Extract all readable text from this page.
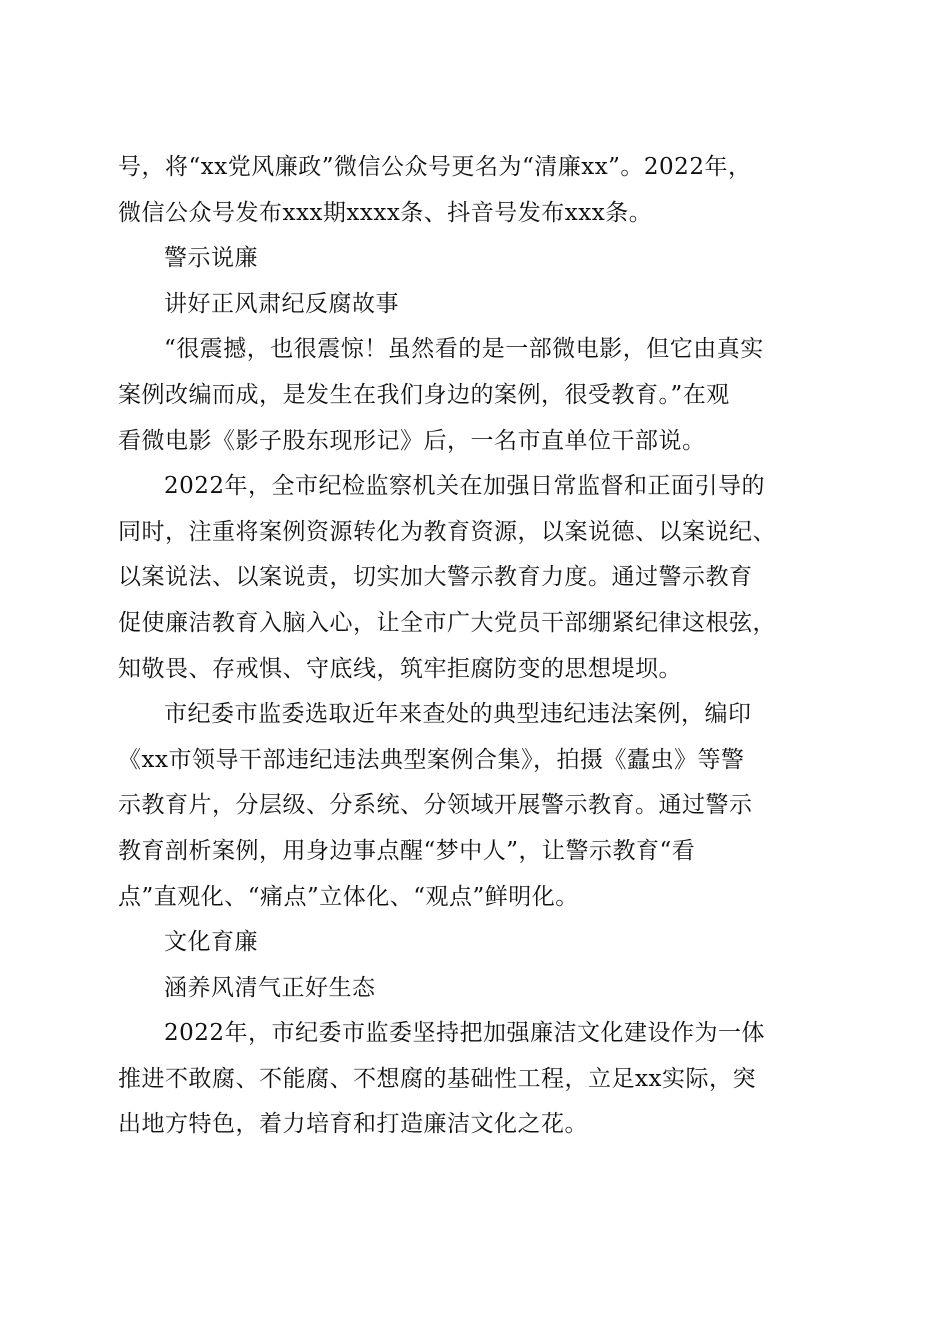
号，将“xx党风廉政”微信公众号更名为“清廉xx”。2022年，
微信公众号发布xxx期xxxx条、抖音号发布xxx条。
警示说廉
讲好正风肃纪反腐故事
“很震撼，也很震惊！虽然看的是一部微电影，但它由真实
案例改编而成，是发生在我们身边的案例，很受教育。”在观
看微电影《影子股东现形记》后，一名市直单位干部说。
2022年，全市纪检监察机关在加强日常监督和正面引导的
同时，注重将案例资源转化为教育资源，以案说德、以案说纪、
以案说法、以案说责，切实加大警示教育力度。通过警示教育
促使廉洁教育入脑入心，让全市广大党员干部绷紧纪律这根弦，
知敬畏、存戒惧、守底线，筑牢拒腐防变的思想堤坝。
市纪委市监委选取近年来查处的典型违纪违法案例，编印
《xx市领导干部违纪违法典型案例合集》，拍摄《蠹虫》等警
示教育片，分层级、分系统、分领域开展警示教育。通过警示
教育剖析案例，用身边事点醒“梦中人”，让警示教育“看
点”直观化、“痛点”立体化、“观点”鲜明化。
文化育廉
涵养风清气正好生态
2022年，市纪委市监委坚持把加强廉洁文化建设作为一体
推进不敢腐、不能腐、不想腐的基础性工程，立足xx实际，突
出地方特色，着力培育和打造廉洁文化之花。
